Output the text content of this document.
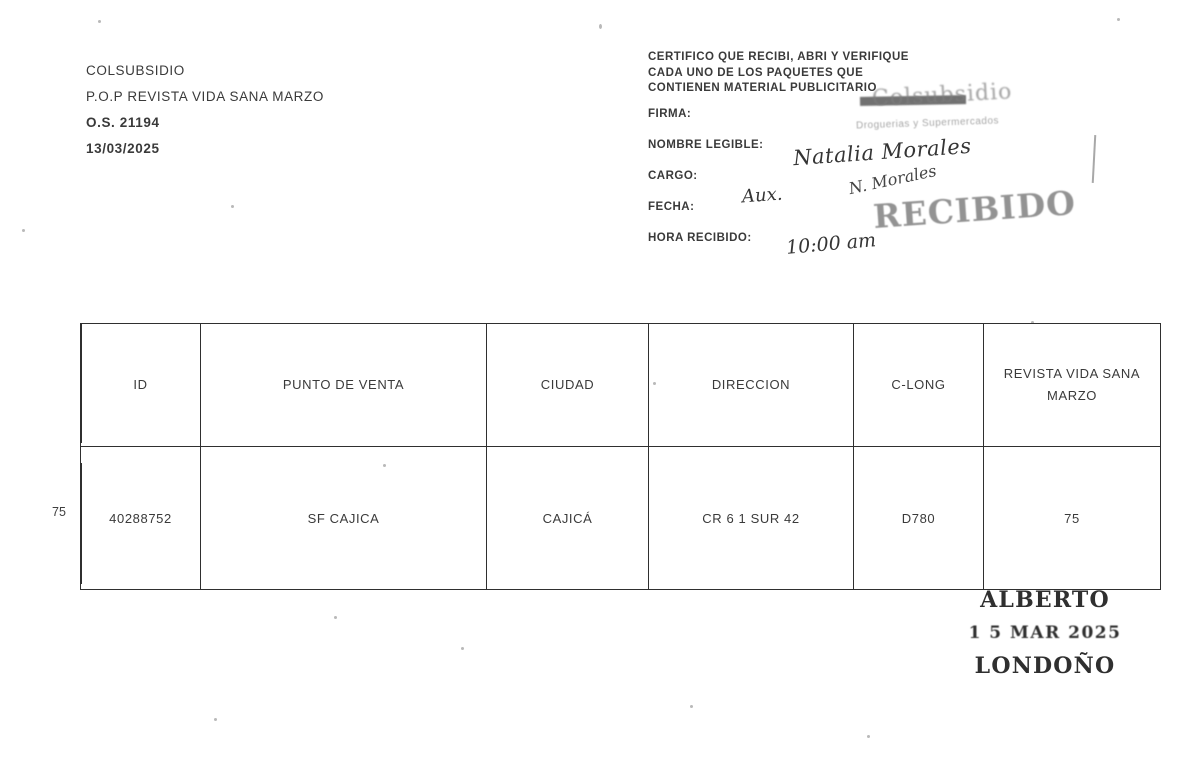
COLSUBSIDIO
P.O.P REVISTA VIDA SANA MARZO
O.S. 21194
13/03/2025
CERTIFICO QUE RECIBI, ABRI Y VERIFIQUE
CADA UNO DE LOS PAQUETES QUE
CONTIENEN MATERIAL PUBLICITARIO
FIRMA:
NOMBRE LEGIBLE:
CARGO:
FECHA:
HORA RECIBIDO:
Natalia Morales
Aux.
10:00 am
N. Morales
Colsubsidio
Droguerias y Supermercados
RECIBIDO
75
ID	PUNTO DE VENTA	CIUDAD	DIRECCION	C-LONG	REVISTA VIDA SANA
MARZO
40288752	SF CAJICA	CAJICÁ	CR 6 1 SUR 42	D780	75
ALBERTO
1 5 MAR 2025
LONDOÑO
